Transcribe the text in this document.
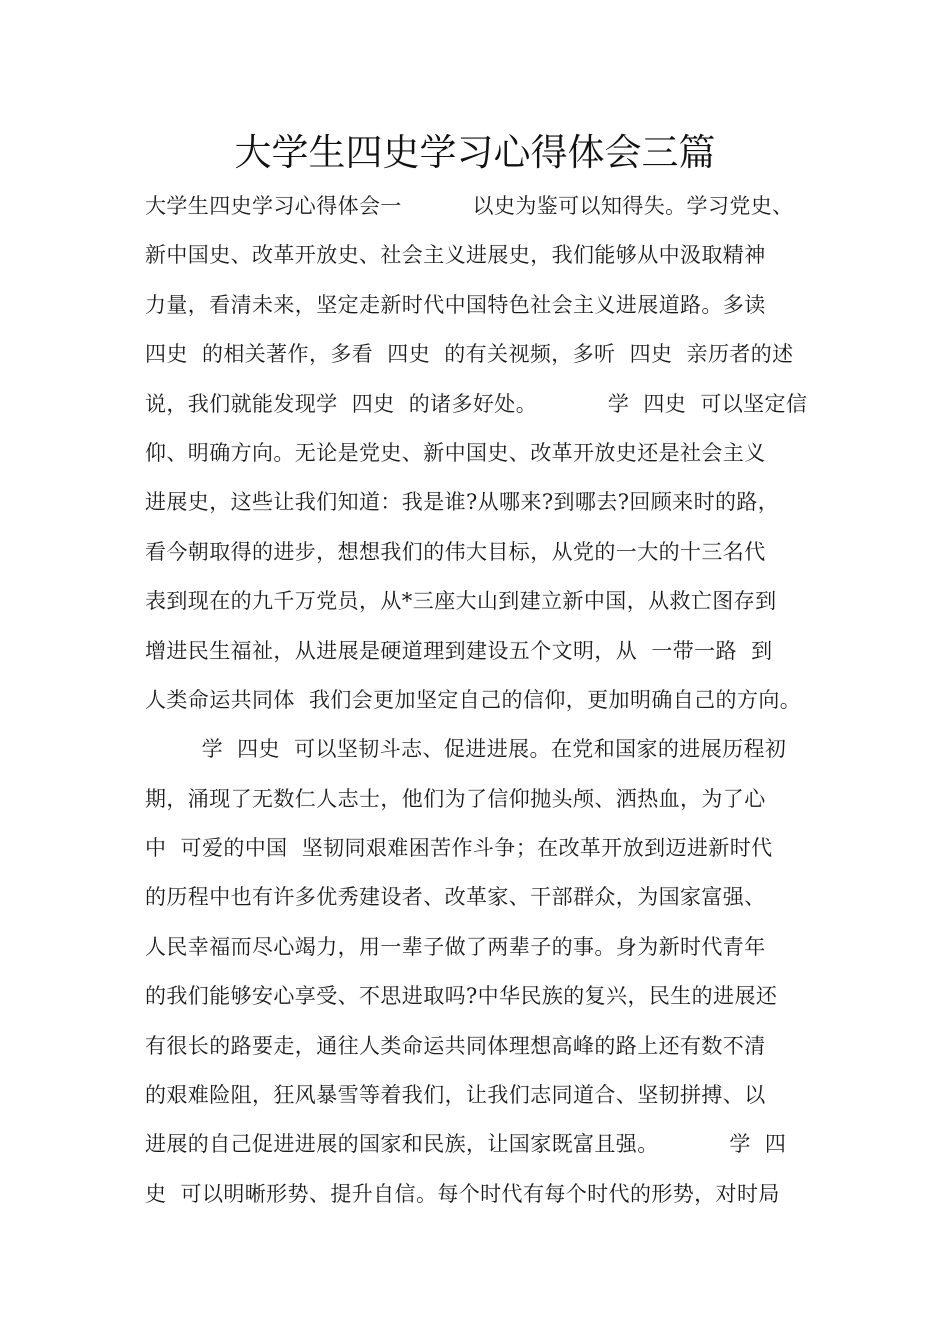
大学生四史学习心得体会三篇
大学生四史学习心得体会一          以史为鉴可以知得失。学习党史、
新中国史、改革开放史、社会主义进展史，我们能够从中汲取精神
力量，看清未来，坚定走新时代中国特色社会主义进展道路。多读
四史  的相关著作，多看  四史  的有关视频，多听  四史  亲历者的述
说，我们就能发现学  四史  的诸多好处。          学  四史  可以坚定信
仰、明确方向。无论是党史、新中国史、改革开放史还是社会主义
进展史，这些让我们知道：我是谁?从哪来?到哪去?回顾来时的路，
看今朝取得的进步，想想我们的伟大目标，从党的一大的十三名代
表到现在的九千万党员，从*三座大山到建立新中国，从救亡图存到
增进民生福祉，从进展是硬道理到建设五个文明，从  一带一路  到
人类命运共同体  我们会更加坚定自己的信仰，更加明确自己的方向。
学  四史  可以坚韧斗志、促进进展。在党和国家的进展历程初
期，涌现了无数仁人志士，他们为了信仰抛头颅、洒热血，为了心
中  可爱的中国  坚韧同艰难困苦作斗争；在改革开放到迈进新时代
的历程中也有许多优秀建设者、改革家、干部群众，为国家富强、
人民幸福而尽心竭力，用一辈子做了两辈子的事。身为新时代青年
的我们能够安心享受、不思进取吗?中华民族的复兴，民生的进展还
有很长的路要走，通往人类命运共同体理想高峰的路上还有数不清
的艰难险阻，狂风暴雪等着我们，让我们志同道合、坚韧拼搏、以
进展的自己促进进展的国家和民族，让国家既富且强。          学  四
史  可以明晰形势、提升自信。每个时代有每个时代的形势，对时局
